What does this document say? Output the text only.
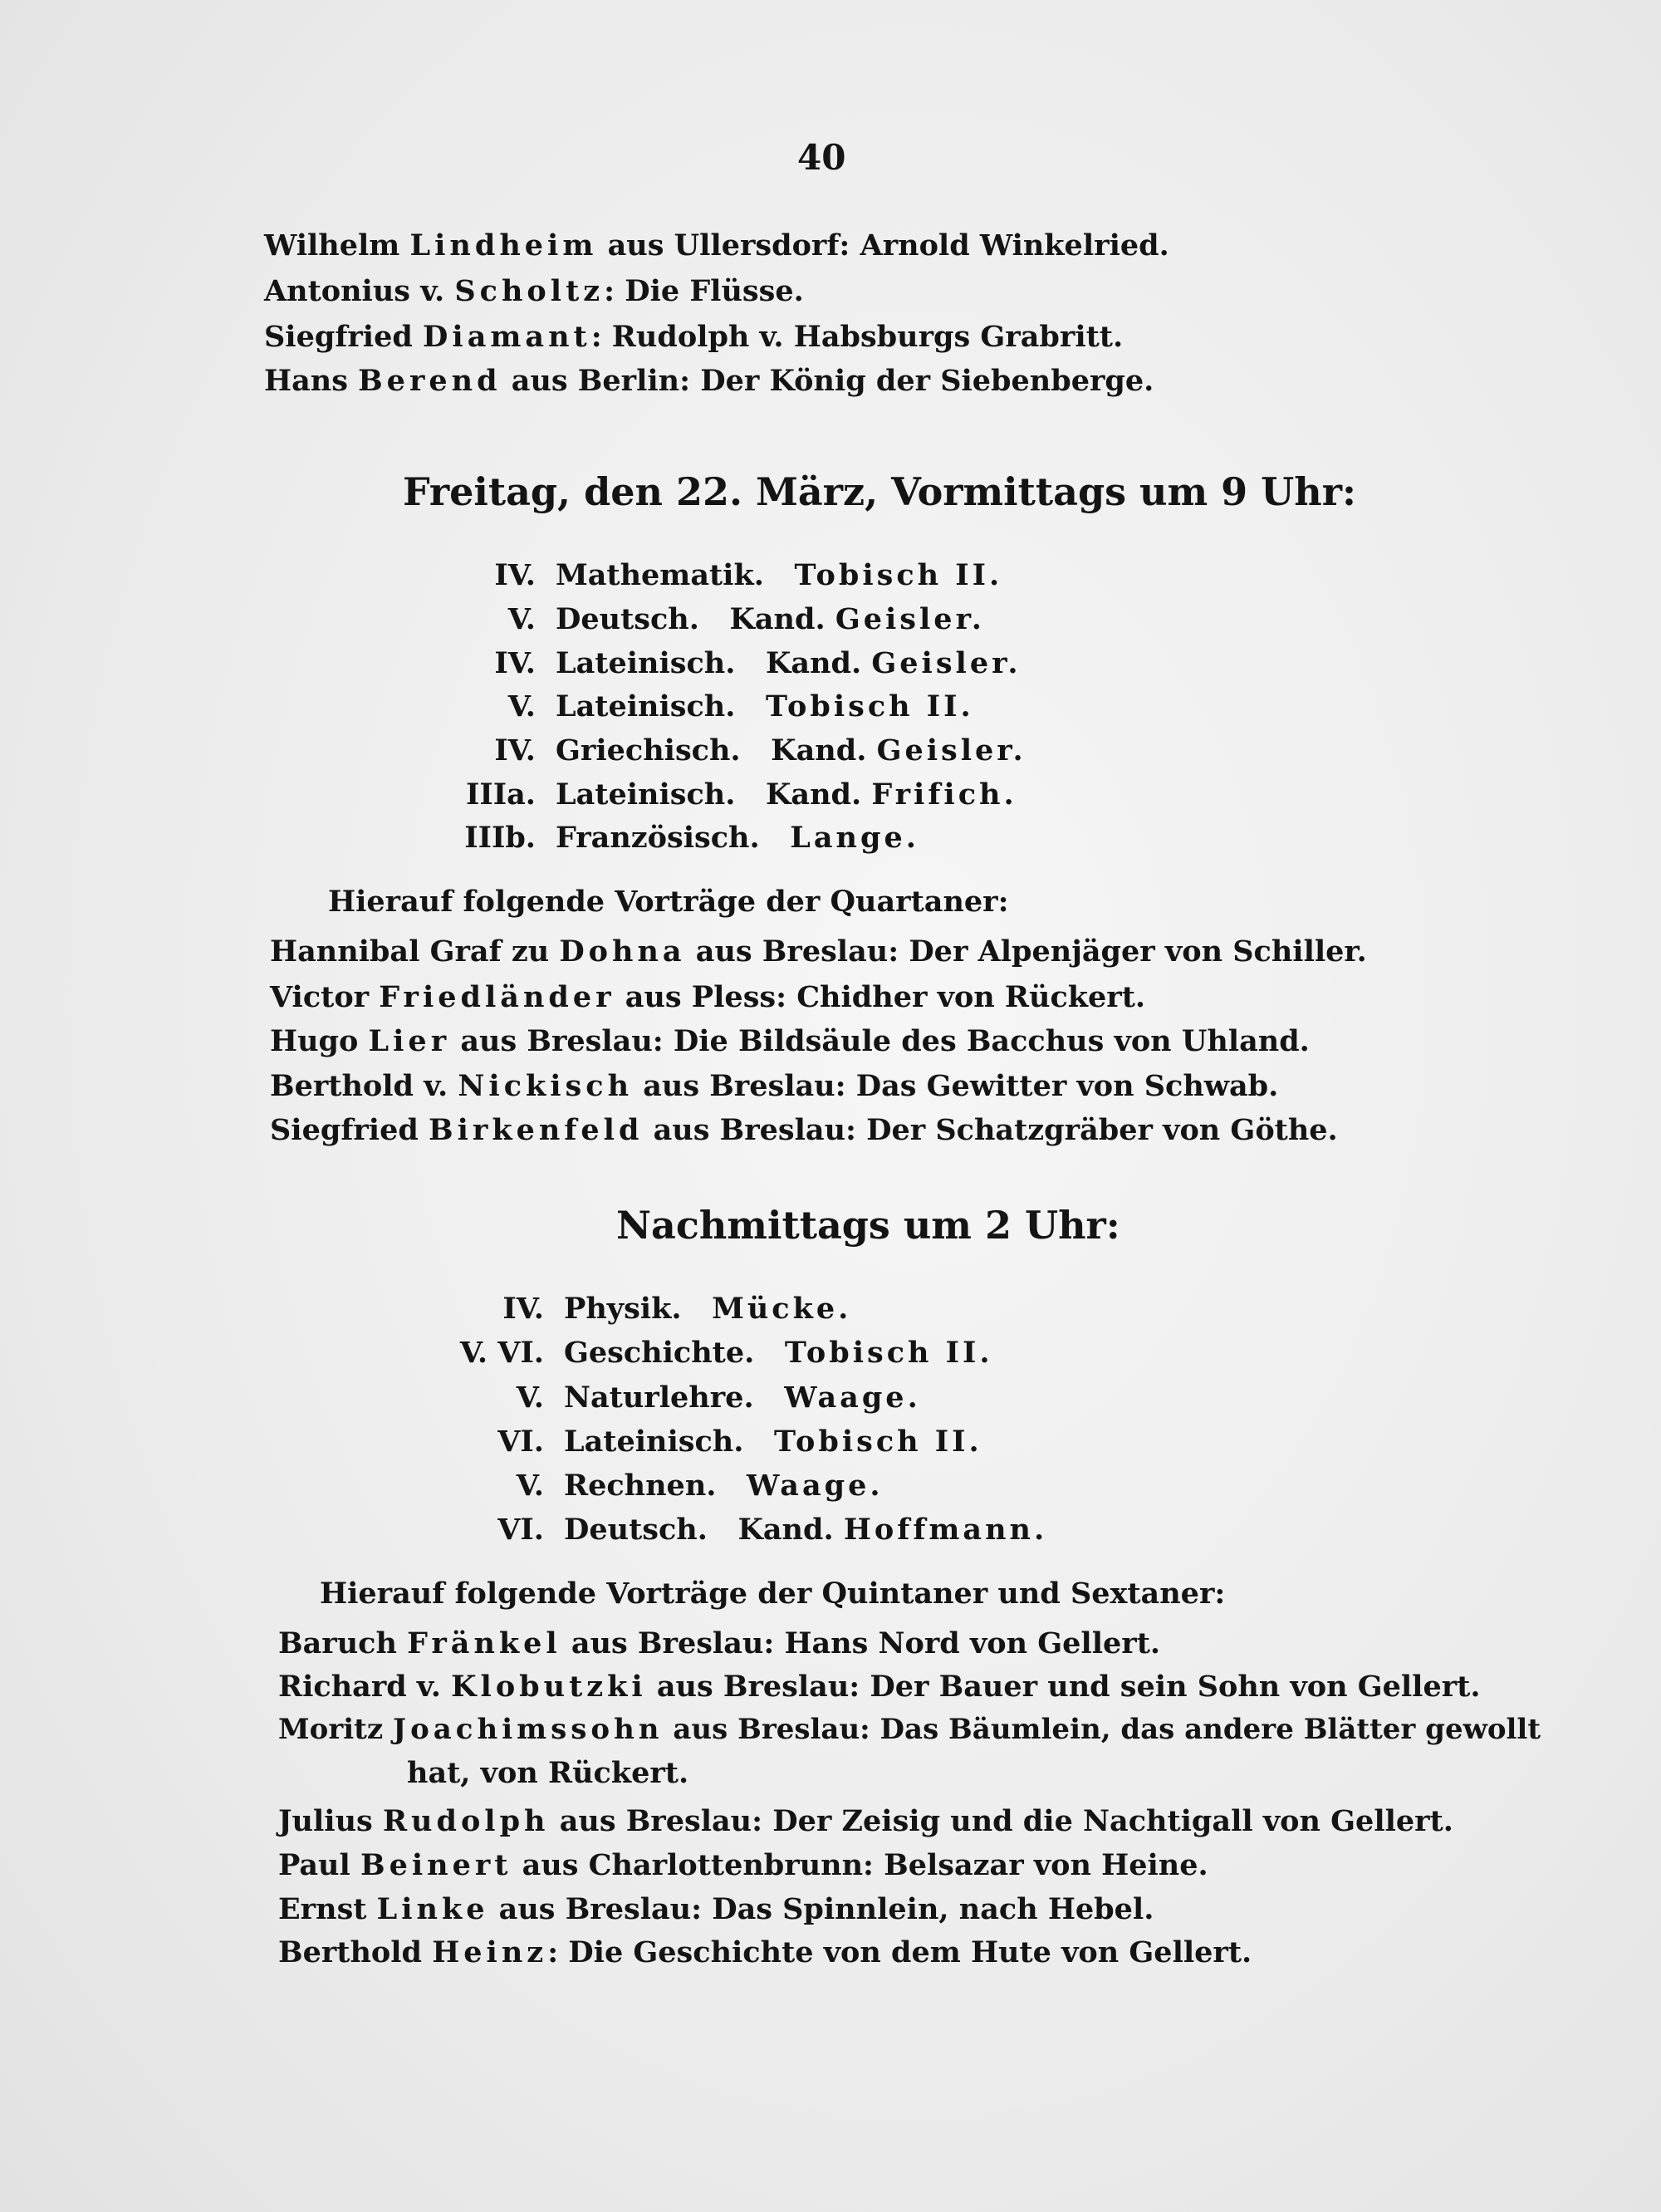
40
Wilhelm Lindheim aus Ullersdorf: Arnold Winkelried.
Antonius v. Scholtz: Die Flüsse.
Siegfried Diamant: Rudolph v. Habsburgs Grabritt.
Hans Berend aus Berlin: Der König der Siebenberge.
Freitag, den 22. März, Vormittags um 9 Uhr:
IV. Mathematik. Tobisch II.
V. Deutsch. Kand. Geisler.
IV. Lateinisch. Kand. Geisler.
V. Lateinisch. Tobisch II.
IV. Griechisch. Kand. Geisler.
IIIa. Lateinisch. Kand. Frifich.
IIIb. Französisch. Lange.
Hierauf folgende Vorträge der Quartaner:
Hannibal Graf zu Dohna aus Breslau: Der Alpenjäger von Schiller.
Victor Friedländer aus Pless: Chidher von Rückert.
Hugo Lier aus Breslau: Die Bildsäule des Bacchus von Uhland.
Berthold v. Nickisch aus Breslau: Das Gewitter von Schwab.
Siegfried Birkenfeld aus Breslau: Der Schatzgräber von Göthe.
Nachmittags um 2 Uhr:
IV. Physik. Mücke.
V. VI. Geschichte. Tobisch II.
V. Naturlehre. Waage.
VI. Lateinisch. Tobisch II.
V. Rechnen. Waage.
VI. Deutsch. Kand. Hoffmann.
Hierauf folgende Vorträge der Quintaner und Sextaner:
Baruch Fränkel aus Breslau: Hans Nord von Gellert.
Richard v. Klobutzki aus Breslau: Der Bauer und sein Sohn von Gellert.
Moritz Joachimssohn aus Breslau: Das Bäumlein, das andere Blätter gewollt
hat, von Rückert.
Julius Rudolph aus Breslau: Der Zeisig und die Nachtigall von Gellert.
Paul Beinert aus Charlottenbrunn: Belsazar von Heine.
Ernst Linke aus Breslau: Das Spinnlein, nach Hebel.
Berthold Heinz: Die Geschichte von dem Hute von Gellert.
